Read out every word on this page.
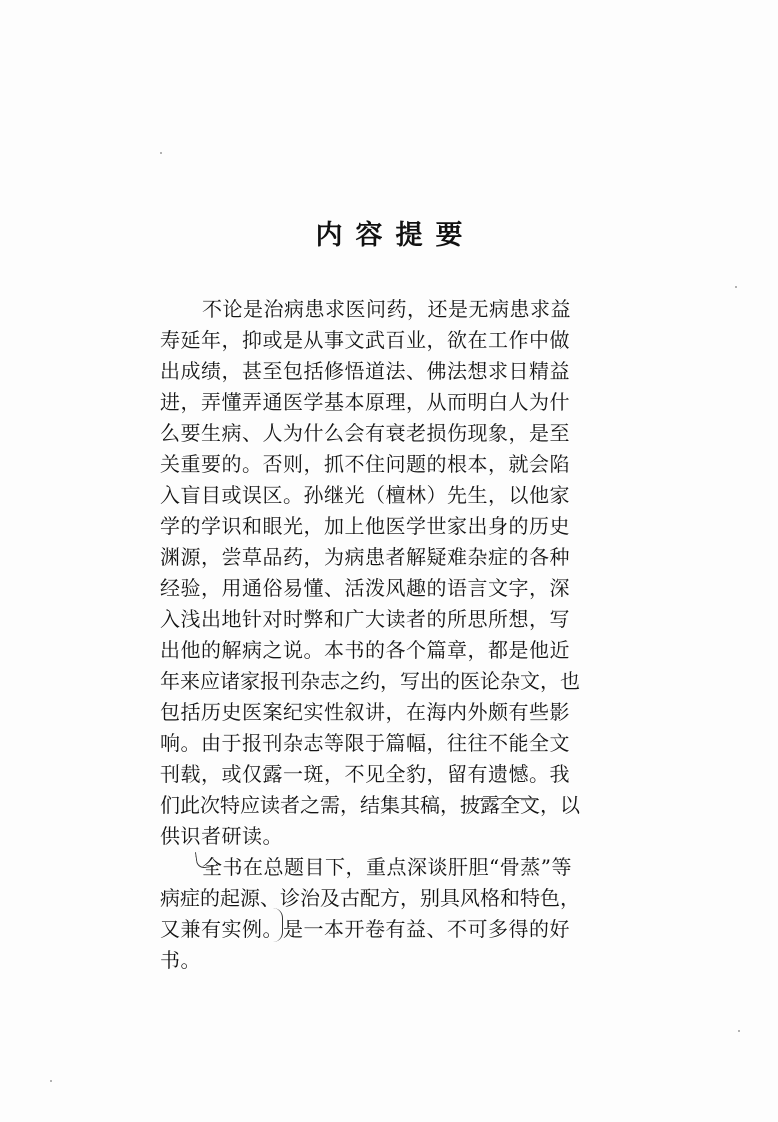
内容提要
不论是治病患求医问药，还是无病患求益
寿延年，抑或是从事文武百业，欲在工作中做
出成绩，甚至包括修悟道法、佛法想求日精益
进，弄懂弄通医学基本原理，从而明白人为什
么要生病、人为什么会有衰老损伤现象，是至
关重要的。否则，抓不住问题的根本，就会陷
入盲目或误区。孙继光（檀林）先生，以他家
学的学识和眼光，加上他医学世家出身的历史
渊源，尝草品药，为病患者解疑难杂症的各种
经验，用通俗易懂、活泼风趣的语言文字，深
入浅出地针对时弊和广大读者的所思所想，写
出他的解病之说。本书的各个篇章，都是他近
年来应诸家报刊杂志之约，写出的医论杂文，也
包括历史医案纪实性叙讲，在海内外颇有些影
响。由于报刊杂志等限于篇幅，往往不能全文
刊载，或仅露一斑，不见全豹，留有遗憾。我
们此次特应读者之需，结集其稿，披露全文，以
供识者研读。
全书在总题目下，重点深谈肝胆“骨蒸”等
病症的起源、诊治及古配方，别具风格和特色，
又兼有实例。是一本开卷有益、不可多得的好
书。
